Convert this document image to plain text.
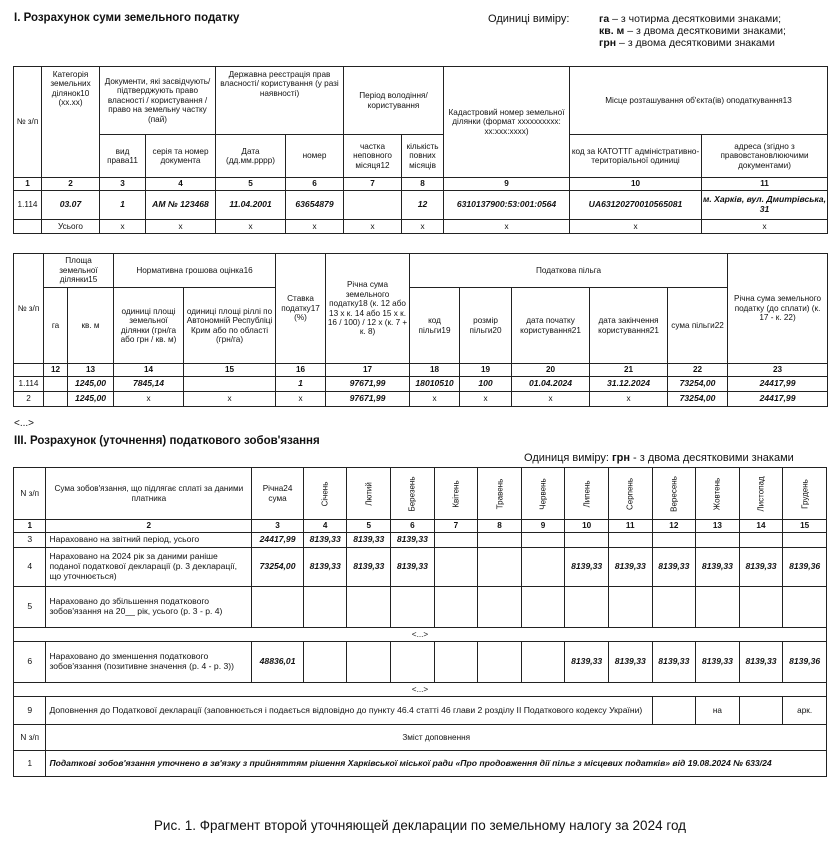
I. Розрахунок суми земельного податку	Одиниці виміру:	га – з чотирма десятковими знаками;
кв. м – з двома десятковими знаками;
грн – з двома десятковими знаками
№ з/п	Категорія земельних ділянок10 (хх.хх)	Документи, які засвідчують/ підтверджують право власності / користування / право на земельну частку (пай)		Державна реєстрація прав власності/ користування (у разі наявності)		Період володіння/ користування		Кадастровий номер земельної ділянки (формат хххххххххх: хх:ххх:хххх)	Місце розташування об'єкта(ів) оподаткування13	
		вид права11	серія та номер документа	Дата (дд.мм.рррр)	номер	частка неповного місяця12	кількість повних місяців		код за КАТОТТГ адміністративно-територіальної одиниці	адреса (згідно з правовстановлюючими документами)
1	2	3	4	5	6	7	8	9	10	11
1.114	03.07	1	АМ № 123468	11.04.2001	63654879		12	6310137900:53:001:0564	UA63120270010565081	м. Харків, вул. Дмитрівська, 31
	Усього	х	х	х	х	х	х	х	х	х
№ з/п	Площа земельної ділянки15		Нормативна грошова оцінка16		Ставка податку17 (%)	Річна сума земельного податку18 (к. 12 або 13 х к. 14 або 15 х к. 16 / 100) / 12 х (к. 7 + к. 8)	Податкова пільга					Річна сума земельного податку (до сплати) (к. 17 - к. 22)
	га	кв. м	одиниці площі земельної ділянки (грн/га або грн / кв. м)	одиниці площі ріллі по Автономній Республіці Крим або по області (грн/га)			код пільги19	розмір пільги20	дата початку користування21	дата закінчення користування21	сума пільги22	
	12	13	14	15	16	17	18	19	20	21	22	23
1.114		1245,00	7845,14		1	97671,99	18010510	100	01.04.2024	31.12.2024	73254,00	24417,99
2		1245,00	х	х	х	97671,99	х	х	х	х	73254,00	24417,99
<...>
ІІІ. Розрахунок (уточнення) податкового зобов'язання
Одиниця виміру: грн - з двома десятковими знаками
N з/п	Сума зобов'язання, що підлягає сплаті за даними платника	Річна24 сума	Січень	Лютий	Березень	Квітень	Травень	Червень	Липень	Серпень	Вересень	Жовтень	Листопад	Грудень

1	2	3	4	5	6	7	8	9	10	11	12	13	14	15
3	Нараховано на звітний період, усього	24417,99	8139,33	8139,33	8139,33									
4	Нараховано на 2024 рік за даними раніше поданої податкової декларації (р. 3 декларації, що уточнюється)	73254,00	8139,33	8139,33	8139,33				8139,33	8139,33	8139,33	8139,33	8139,33	8139,36
5	Нараховано до збільшення податкового зобов'язання на 20__ рік, усього (р. 3 - р. 4)													
<...>														
6	Нараховано до зменшення податкового зобов'язання (позитивне значення (р. 4 - р. 3))	48836,01							8139,33	8139,33	8139,33	8139,33	8139,33	8139,36
<...>														
9	Доповнення до Податкової декларації (заповнюється і подається відповідно до пункту 46.4 статті 46 глави 2 розділу ІІ Податкового кодексу України)											на		арк.
N з/п	Зміст доповнення													
1	Податкові зобов'язання уточнено в зв'язку з прийняттям рішення Харківської міської ради «Про продовження дії пільг з місцевих податків» від 19.08.2024 № 633/24													
Рис. 1. Фрагмент второй уточняющей декларации по земельному налогу за 2024 год
